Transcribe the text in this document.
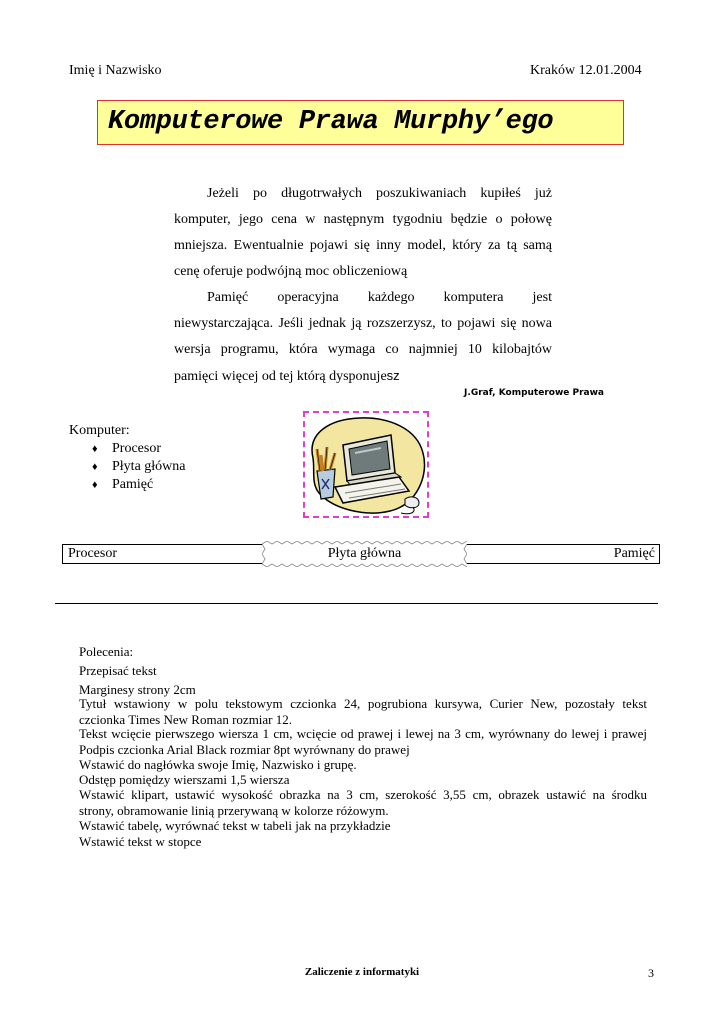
Imię i Nazwisko	Kraków 12.01.2004
Komputerowe Prawa Murphy’ego

Jeżeli po długotrwałych poszukiwaniach kupiłeś już komputer, jego cena w następnym tygodniu będzie o połowę mniejsza. Ewentualnie pojawi się inny model, który za tą samą cenę oferuje podwójną moc obliczeniową

Pamięć operacyjna każdego komputera jest niewystarczająca. Jeśli jednak ją rozszerzysz, to pojawi się nowa wersja programu, która wymaga co najmniej 10 kilobajtów pamięci więcej od tej którą dysponujesz

J.Graf, Komputerowe Prawa
Komputer:
♦ Procesor
♦ Płyta główna
♦ Pamięć
Procesor	Płyta główna	Pamięć
Polecenia:
Przepisać tekst
Marginesy strony 2cm
Tytuł wstawiony w polu tekstowym czcionka 24, pogrubiona kursywa, Curier New, pozostały tekst
czcionka Times New Roman rozmiar 12.
Tekst wcięcie pierwszego wiersza 1 cm, wcięcie od prawej i lewej na 3 cm, wyrównany do lewej i prawej
Podpis czcionka Arial Black rozmiar 8pt wyrównany do prawej
Wstawić do nagłówka swoje Imię, Nazwisko i grupę.
Odstęp pomiędzy wierszami 1,5 wiersza
Wstawić klipart, ustawić wysokość obrazka na 3 cm, szerokość 3,55 cm, obrazek ustawić na środku
strony, obramowanie linią przerywaną w kolorze różowym.
Wstawić tabelę, wyrównać tekst w tabeli jak na przykładzie
Wstawić tekst w stopce
Zaliczenie z informatyki	3
